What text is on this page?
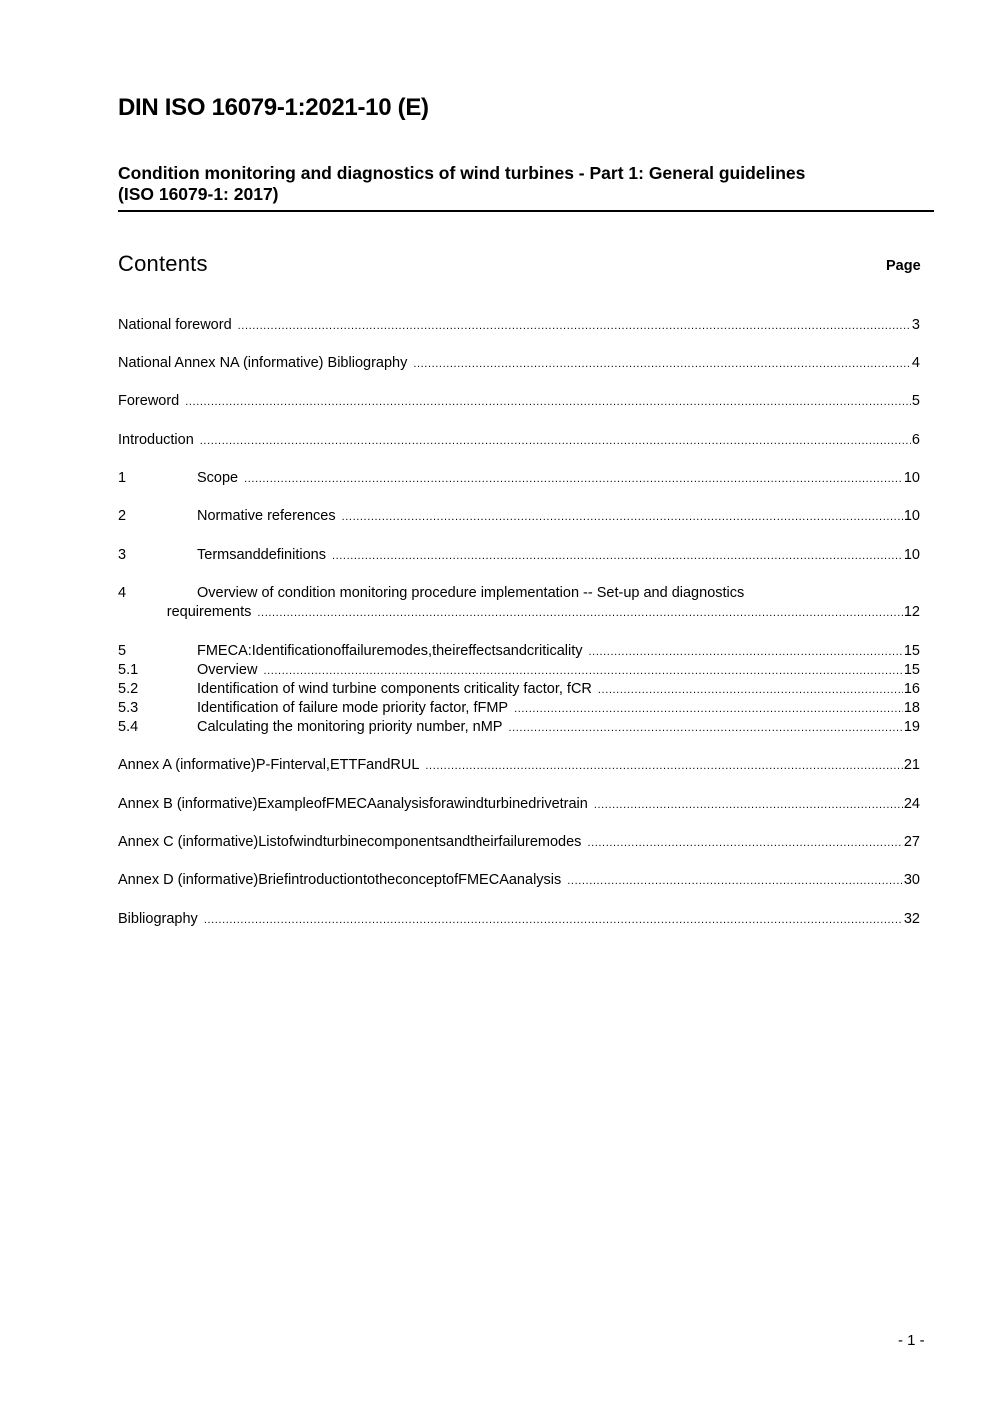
DIN ISO 16079-1:2021-10 (E)
Condition monitoring and diagnostics of wind turbines - Part 1: General guidelines
(ISO 16079-1: 2017)
Contents	Page
National foreword .....	3
National Annex NA (informative) Bibliography .....	4
Foreword .....	5
Introduction .....	6
1	Scope .....	10
2	Normative references .....	10
3	Termsanddefinitions .....	10
4	Overview of condition monitoring procedure implementation -- Set-up and diagnostics
requirements .....	12
5	FMECA:Identificationoffailuremodes,theireffectsandcriticality .....	15
5.1	Overview .....	15
5.2	Identification of wind turbine components criticality factor, fCR .....	16
5.3	Identification of failure mode priority factor, fFMP .....	18
5.4	Calculating the monitoring priority number, nMP .....	19
Annex A (informative)P-Finterval,ETTFandRUL .....	21
Annex B (informative)ExampleofFMECAanalysisforawindturbinedrivetrain .....	24
Annex C (informative)Listofwindturbinecomponentsandtheirfailuremodes .....	27
Annex D (informative)BriefintroductiontotheconceptofFMECAanalysis .....	30
Bibliography .....	32
- 1 -
